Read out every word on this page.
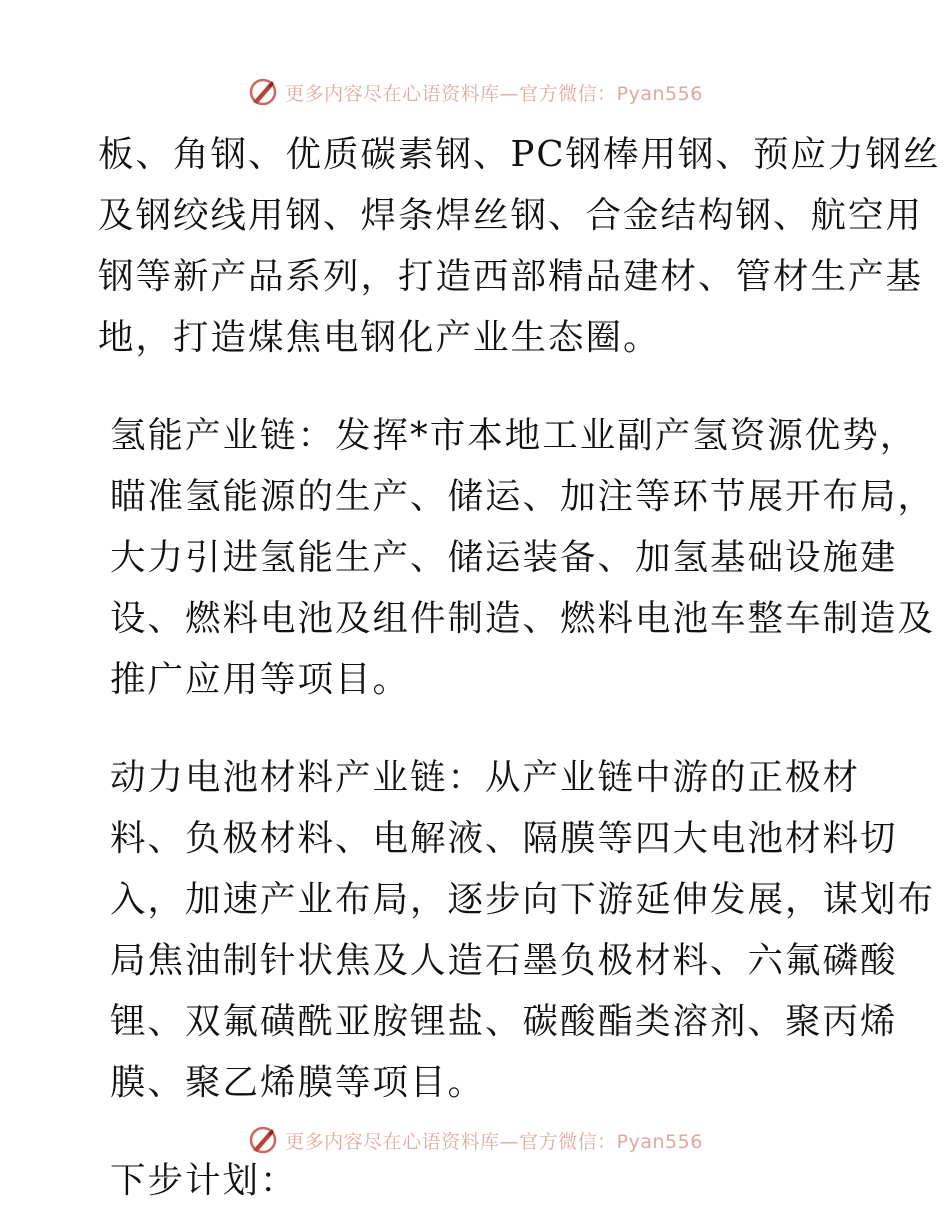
更多内容尽在心语资料库—官方微信：Pyan556

板、角钢、优质碳素钢、PC钢棒用钢、预应力钢丝
及钢绞线用钢、焊条焊丝钢、合金结构钢、航空用
钢等新产品系列，打造西部精品建材、管材生产基
地，打造煤焦电钢化产业生态圈。

氢能产业链：发挥*市本地工业副产氢资源优势，
瞄准氢能源的生产、储运、加注等环节展开布局，
大力引进氢能生产、储运装备、加氢基础设施建
设、燃料电池及组件制造、燃料电池车整车制造及
推广应用等项目。

动力电池材料产业链：从产业链中游的正极材
料、负极材料、电解液、隔膜等四大电池材料切
入，加速产业布局，逐步向下游延伸发展，谋划布
局焦油制针状焦及人造石墨负极材料、六氟磷酸
锂、双氟磺酰亚胺锂盐、碳酸酯类溶剂、聚丙烯
膜、聚乙烯膜等项目。

下步计划：

更多内容尽在心语资料库—官方微信：Pyan556
